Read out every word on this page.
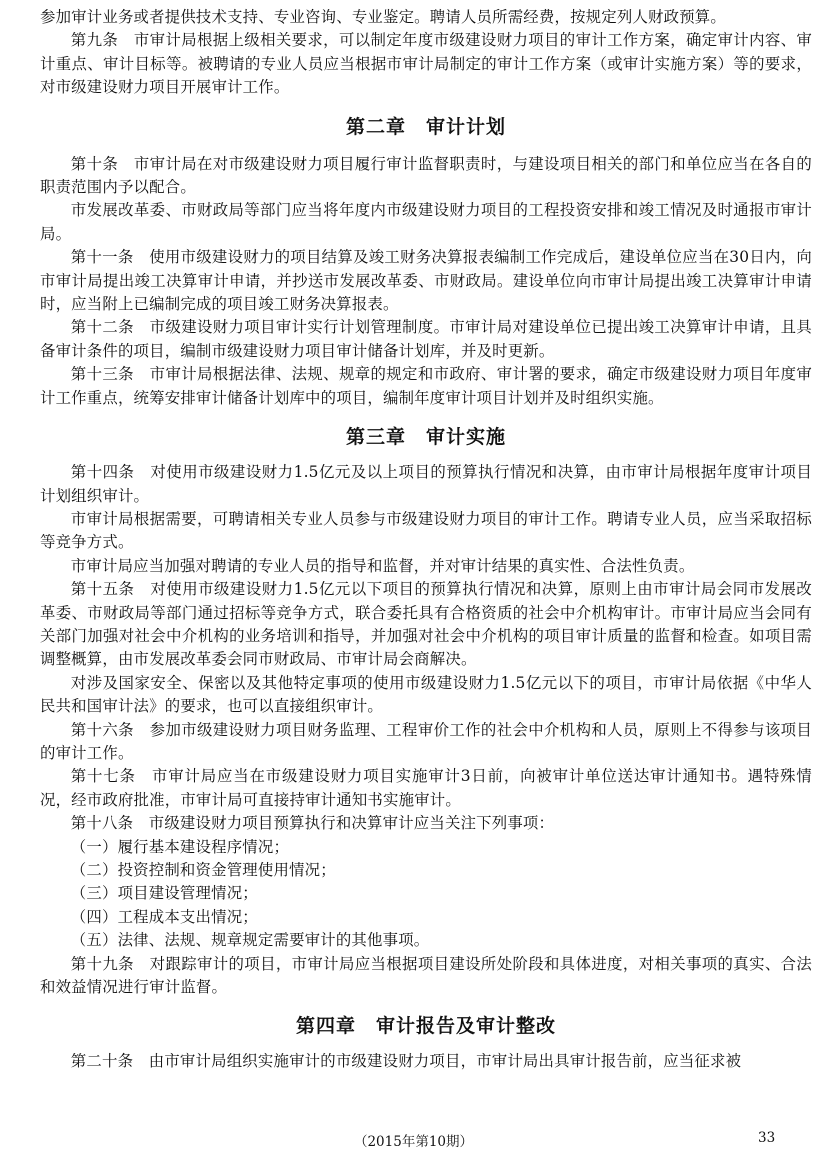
参加审计业务或者提供技术支持、专业咨询、专业鉴定。聘请人员所需经费，按规定列人财政预算。

第九条　市审计局根据上级相关要求，可以制定年度市级建设财力项目的审计工作方案，确定审计内容、审计重点、审计目标等。被聘请的专业人员应当根据市审计局制定的审计工作方案（或审计实施方案）等的要求，对市级建设财力项目开展审计工作。

第二章　审计计划

第十条　市审计局在对市级建设财力项目履行审计监督职责时，与建设项目相关的部门和单位应当在各自的职责范围内予以配合。

市发展改革委、市财政局等部门应当将年度内市级建设财力项目的工程投资安排和竣工情况及时通报市审计局。

第十一条　使用市级建设财力的项目结算及竣工财务决算报表编制工作完成后，建设单位应当在30日内，向市审计局提出竣工决算审计申请，并抄送市发展改革委、市财政局。建设单位向市审计局提出竣工决算审计申请时，应当附上已编制完成的项目竣工财务决算报表。

第十二条　市级建设财力项目审计实行计划管理制度。市审计局对建设单位已提出竣工决算审计申请，且具备审计条件的项目，编制市级建设财力项目审计储备计划库，并及时更新。

第十三条　市审计局根据法律、法规、规章的规定和市政府、审计署的要求，确定市级建设财力项目年度审计工作重点，统筹安排审计储备计划库中的项目，编制年度审计项目计划并及时组织实施。

第三章　审计实施

第十四条　对使用市级建设财力1.5亿元及以上项目的预算执行情况和决算，由市审计局根据年度审计项目计划组织审计。

市审计局根据需要，可聘请相关专业人员参与市级建设财力项目的审计工作。聘请专业人员，应当采取招标等竞争方式。

市审计局应当加强对聘请的专业人员的指导和监督，并对审计结果的真实性、合法性负责。

第十五条　对使用市级建设财力1.5亿元以下项目的预算执行情况和决算，原则上由市审计局会同市发展改革委、市财政局等部门通过招标等竞争方式，联合委托具有合格资质的社会中介机构审计。市审计局应当会同有关部门加强对社会中介机构的业务培训和指导，并加强对社会中介机构的项目审计质量的监督和检查。如项目需调整概算，由市发展改革委会同市财政局、市审计局会商解决。

对涉及国家安全、保密以及其他特定事项的使用市级建设财力1.5亿元以下的项目，市审计局依据《中华人民共和国审计法》的要求，也可以直接组织审计。

第十六条　参加市级建设财力项目财务监理、工程审价工作的社会中介机构和人员，原则上不得参与该项目的审计工作。

第十七条　市审计局应当在市级建设财力项目实施审计3日前，向被审计单位送达审计通知书。遇特殊情况，经市政府批准，市审计局可直接持审计通知书实施审计。

第十八条　市级建设财力项目预算执行和决算审计应当关注下列事项：

（一）履行基本建设程序情况；

（二）投资控制和资金管理使用情况；

（三）项目建设管理情况；

（四）工程成本支出情况；

（五）法律、法规、规章规定需要审计的其他事项。

第十九条　对跟踪审计的项目，市审计局应当根据项目建设所处阶段和具体进度，对相关事项的真实、合法和效益情况进行审计监督。

第四章　审计报告及审计整改

第二十条　由市审计局组织实施审计的市级建设财力项目，市审计局出具审计报告前，应当征求被

（2015年第10期）	33
